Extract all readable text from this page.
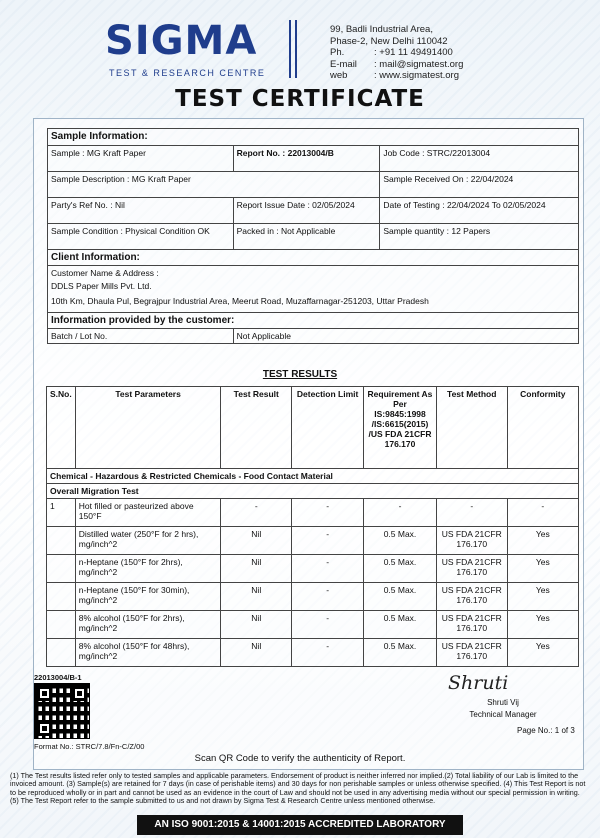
SIGMA
TEST & RESEARCH CENTRE
99, Badli Industrial Area,
Phase-2, New Delhi 110042
Ph.	: +91 11 49491400
E-mail	: mail@sigmatest.org
web	: www.sigmatest.org
TEST CERTIFICATE
Sample Information:		
Sample : MG Kraft Paper	Report No. : 22013004/B	Job Code : STRC/22013004
Sample Description : MG Kraft Paper		Sample Received On : 22/04/2024
Party's Ref No. : Nil	Report Issue Date : 02/05/2024	Date of Testing : 22/04/2024 To 02/05/2024
Sample Condition : Physical Condition OK	Packed in : Not Applicable	Sample quantity : 12 Papers
Client Information:		

Customer Name & Address :
DDLS Paper Mills Pvt. Ltd.
10th Km, Dhaula Pul, Begrajpur Industrial Area, Meerut Road, Muzaffarnagar-251203, Uttar Pradesh		

Information provided by the customer:		
Batch / Lot No.	Not Applicable	
TEST RESULTS
S.No.	Test Parameters	Test Result	Detection Limit	Requirement As Per IS:9845:1998 /IS:6615(2015) /US FDA 21CFR 176.170	Test Method	Conformity
Chemical - Hazardous & Restricted Chemicals - Food Contact Material						
Overall Migration Test						
1	Hot filled or pasteurized above 150°F	-	-	-	-	-
	Distilled water (250°F for 2 hrs), mg/inch^2	Nil	-	0.5 Max.	US FDA 21CFR 176.170	Yes
	n-Heptane (150°F for 2hrs), mg/inch^2	Nil	-	0.5 Max.	US FDA 21CFR 176.170	Yes
	n-Heptane (150°F for 30min), mg/inch^2	Nil	-	0.5 Max.	US FDA 21CFR 176.170	Yes
	8% alcohol (150°F for 2hrs), mg/inch^2	Nil	-	0.5 Max.	US FDA 21CFR 176.170	Yes
	8% alcohol (150°F for 48hrs), mg/inch^2	Nil	-	0.5 Max.	US FDA 21CFR 176.170	Yes
22013004/B-1
Format No.: STRC/7.8/Fn-C/Z/00
Shruti
Shruti Vij
Technical Manager
Page No.: 1 of 3
Scan QR Code to verify the authenticity of Report.
(1) The Test results listed refer only to tested samples and applicable parameters. Endorsement of product is neither inferred nor implied.(2) Total liability of our Lab is limited to the invoiced amount. (3) Sample(s) are retained for 7 days (in case of perishable items) and 30 days for non perishable samples or unless otherwise specified. (4) This Test Report is not to be reproduced wholly or in part and cannot be used as an evidence in the court of Law and should not be used in any advertising media without our special permission in writing. (5) The Test Report refer to the sample submitted to us and not drawn by Sigma Test & Research Centre unless mentioned otherwise.
AN ISO 9001:2015 & 14001:2015 ACCREDITED LABORATORY
